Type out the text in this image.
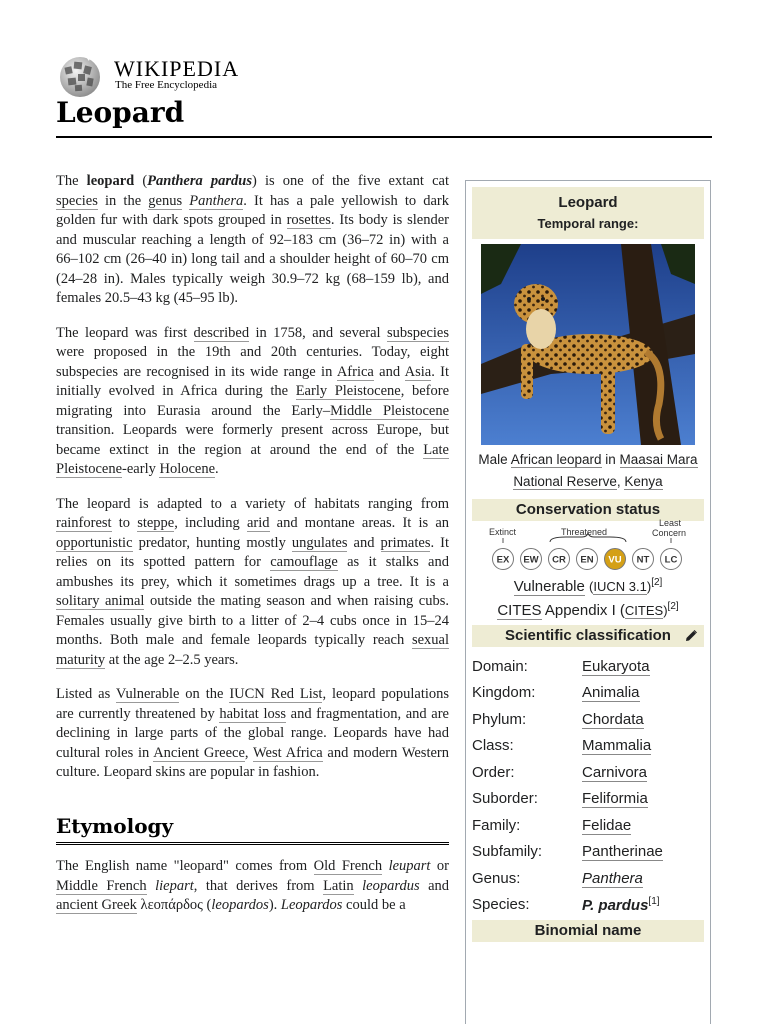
WIKIPEDIA
The Free Encyclopedia
Leopard

The leopard (Panthera pardus) is one of the five extant cat species in the genus Panthera. It has a pale yellowish to dark golden fur with dark spots grouped in rosettes. Its body is slender and muscular reaching a length of 92–183 cm (36–72 in) with a 66–102 cm (26–40 in) long tail and a shoulder height of 60–70 cm (24–28 in). Males typically weigh 30.9–72 kg (68–159 lb), and females 20.5–43 kg (45–95 lb).

The leopard was first described in 1758, and several subspecies were proposed in the 19th and 20th centuries. Today, eight subspecies are recognised in its wide range in Africa and Asia. It initially evolved in Africa during the Early Pleistocene, before migrating into Eurasia around the Early–Middle Pleistocene transition. Leopards were formerly present across Europe, but became extinct in the region at around the end of the Late Pleistocene-early Holocene.

The leopard is adapted to a variety of habitats ranging from rainforest to steppe, including arid and montane areas. It is an opportunistic predator, hunting mostly ungulates and primates. It relies on its spotted pattern for camouflage as it stalks and ambushes its prey, which it sometimes drags up a tree. It is a solitary animal outside the mating season and when raising cubs. Females usually give birth to a litter of 2–4 cubs once in 15–24 months. Both male and female leopards typically reach sexual maturity at the age 2–2.5 years.

Listed as Vulnerable on the IUCN Red List, leopard populations are currently threatened by habitat loss and fragmentation, and are declining in large parts of the global range. Leopards have had cultural roles in Ancient Greece, West Africa and modern Western culture. Leopard skins are popular in fashion.

Etymology

The English name "leopard" comes from Old French leupart or Middle French liepart, that derives from Latin leopardus and ancient Greek λεοπάρδος (leopardos). Leopardos could be a

Leopard
Temporal range:
Male African leopard in Maasai Mara National Reserve, Kenya
Conservation status
Extinct	Threatened
Least
Concern
EX EW CR EN VU NT LC
Vulnerable (IUCN 3.1)[2]
CITES Appendix I (CITES)[2]
Scientific classification
Domain:	Eukaryota
Kingdom:	Animalia
Phylum:	Chordata
Class:	Mammalia
Order:	Carnivora
Suborder:	Feliformia
Family:	Felidae
Subfamily:	Pantherinae
Genus:	Panthera
Species:	P. pardus[1]
Binomial name
